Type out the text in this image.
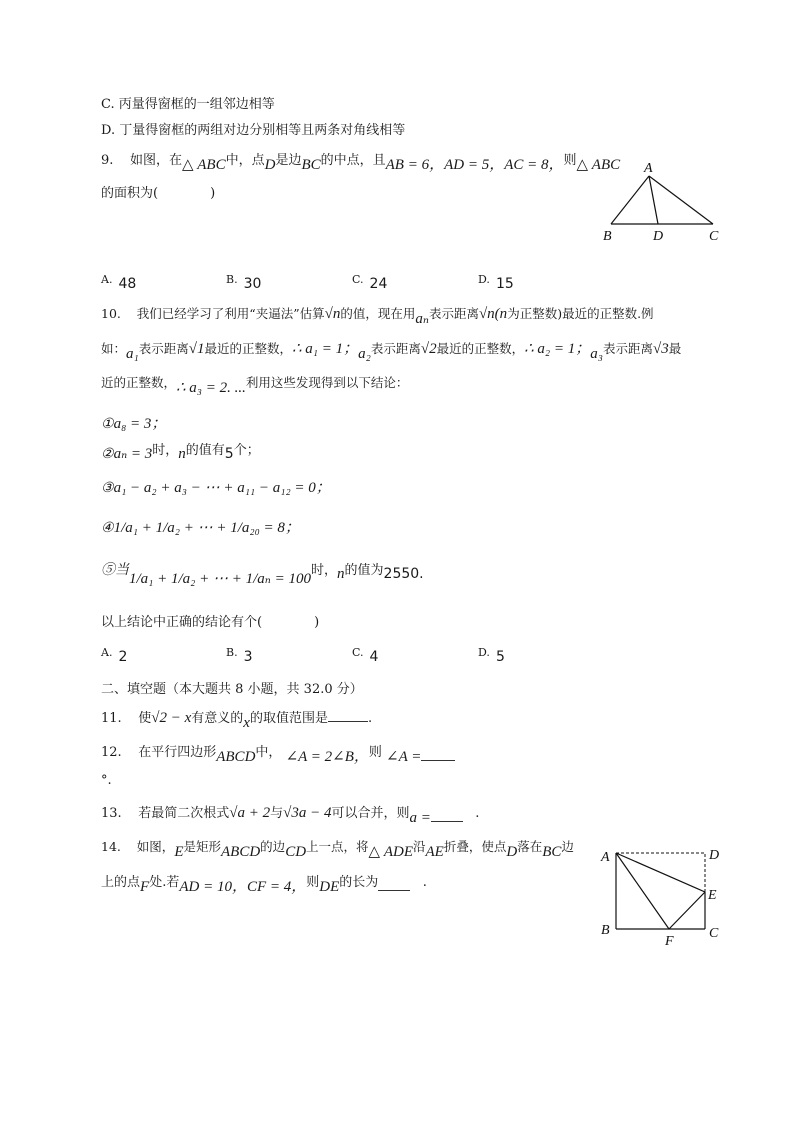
C. 丙量得窗框的一组邻边相等
D. 丁量得窗框的两组对边分别相等且两条对角线相等
9. 如图，在△ ABC中，点D是边BC的中点，且AB = 6，AD = 5，AC = 8，则△ ABC
的面积为(　　　　)
A
B	D	C
$^{A.}$ 48	$^{B.}$ 30	$^{C.}$ 24	$^{D.}$ 15
10. 我们已经学习了利用“夹逼法”估算√n的值，现在用aₙ表示距离√n(n为正整数)最近的正整数.例
如：a₁表示距离√1最近的正整数，∴ a₁ = 1；a₂表示距离√2最近的正整数，∴ a₂ = 1；a₃表示距离√3最
近的正整数，∴ a₃ = 2. ...利用这些发现得到以下结论：
①a₈ = 3；
②aₙ = 3时，n的值有5个；
③a₁ − a₂ + a₃ − ⋯ + a₁₁ − a₁₂ = 0；
④1/a₁ + 1/a₂ + ⋯ + 1/a₂₀ = 8；
⑤当1/a₁ + 1/a₂ + ⋯ + 1/aₙ = 100时，n的值为2550.
以上结论中正确的结论有个(　　　　)
$^{A.}$ 2	$^{B.}$ 3	$^{C.}$ 4	$^{D.}$ 5
二、填空题（本大题共 8 小题，共 32.0 分）
11. 使√2 − x有意义的x的取值范围是	.
12. 在平行四边形ABCD中， ∠A = 2∠B，则 ∠A =
°.
13. 若最简二次根式√a + 2与√3a − 4可以合并，则a =	.
14. 如图，E是矩形ABCD的边CD上一点，将△ ADE沿AE折叠，使点D落在BC边
上的点F处.若AD = 10，CF = 4，则DE的长为	.
A	D
E
B
F
C
